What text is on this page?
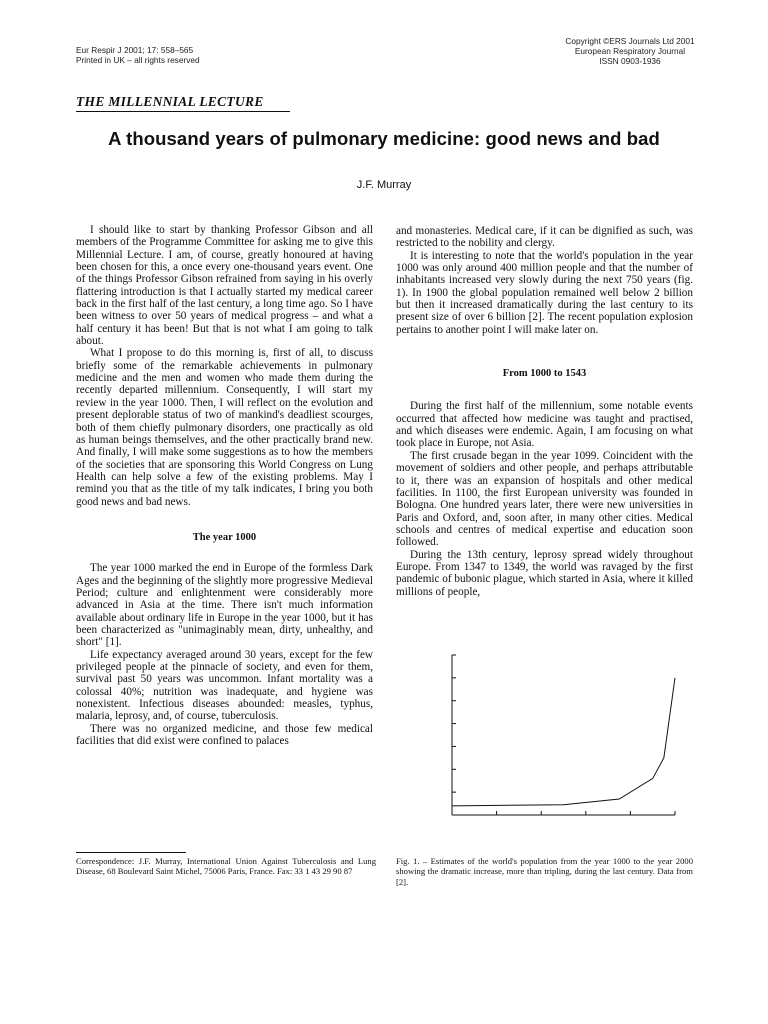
Eur Respir J 2001; 17: 558–565
Printed in UK – all rights reserved
Copyright ©ERS Journals Ltd 2001
European Respiratory Journal
ISSN 0903-1936
THE MILLENNIAL LECTURE
A thousand years of pulmonary medicine: good news and bad
J.F. Murray

I should like to start by thanking Professor Gibson and all members of the Programme Committee for asking me to give this Millennial Lecture. I am, of course, greatly honoured at having been chosen for this, a once every one-thousand years event. One of the things Professor Gibson refrained from saying in his overly flattering introduction is that I actually started my medical career back in the first half of the last century, a long time ago. So I have been witness to over 50 years of medical progress – and what a half century it has been! But that is not what I am going to talk about.

What I propose to do this morning is, first of all, to discuss briefly some of the remarkable achievements in pulmonary medicine and the men and women who made them during the recently departed millennium. Consequently, I will start my review in the year 1000. Then, I will reflect on the evolution and present deplorable status of two of mankind's deadliest scourges, both of them chiefly pulmonary disorders, one practically as old as human beings themselves, and the other practically brand new. And finally, I will make some suggestions as to how the members of the societies that are sponsoring this World Congress on Lung Health can help solve a few of the existing problems. May I remind you that as the title of my talk indicates, I bring you both good news and bad news.

The year 1000

The year 1000 marked the end in Europe of the formless Dark Ages and the beginning of the slightly more progressive Medieval Period; culture and enlightenment were considerably more advanced in Asia at the time. There isn't much information available about ordinary life in Europe in the year 1000, but it has been characterized as "unimaginably mean, dirty, unhealthy, and short" [1].

Life expectancy averaged around 30 years, except for the few privileged people at the pinnacle of society, and even for them, survival past 50 years was uncommon. Infant mortality was a colossal 40%; nutrition was inadequate, and hygiene was nonexistent. Infectious diseases abounded: measles, typhus, malaria, leprosy, and, of course, tuberculosis.

There was no organized medicine, and those few medical facilities that did exist were confined to palaces

and monasteries. Medical care, if it can be dignified as such, was restricted to the nobility and clergy.

It is interesting to note that the world's population in the year 1000 was only around 400 million people and that the number of inhabitants increased very slowly during the next 750 years (fig. 1). In 1900 the global population remained well below 2 billion but then it increased dramatically during the last century to its present size of over 6 billion [2]. The recent population explosion pertains to another point I will make later on.

From 1000 to 1543

During the first half of the millennium, some notable events occurred that affected how medicine was taught and practised, and which diseases were endemic. Again, I am focusing on what took place in Europe, not Asia.

The first crusade began in the year 1099. Coincident with the movement of soldiers and other people, and perhaps attributable to it, there was an expansion of hospitals and other medical facilities. In 1100, the first European university was founded in Bologna. One hundred years later, there were new universities in Paris and Oxford, and, soon after, in many other cities. Medical schools and centres of medical expertise and education soon followed.

During the 13th century, leprosy spread widely throughout Europe. From 1347 to 1349, the world was ravaged by the first pandemic of bubonic plague, which started in Asia, where it killed millions of people,

Correspondence: J.F. Murray, International Union Against Tuberculosis and Lung Disease, 68 Boulevard Saint Michel, 75006 Paris, France. Fax: 33 1 43 29 90 87
Fig. 1. – Estimates of the world's population from the year 1000 to the year 2000 showing the dramatic increase, more than tripling, during the last century. Data from [2].
